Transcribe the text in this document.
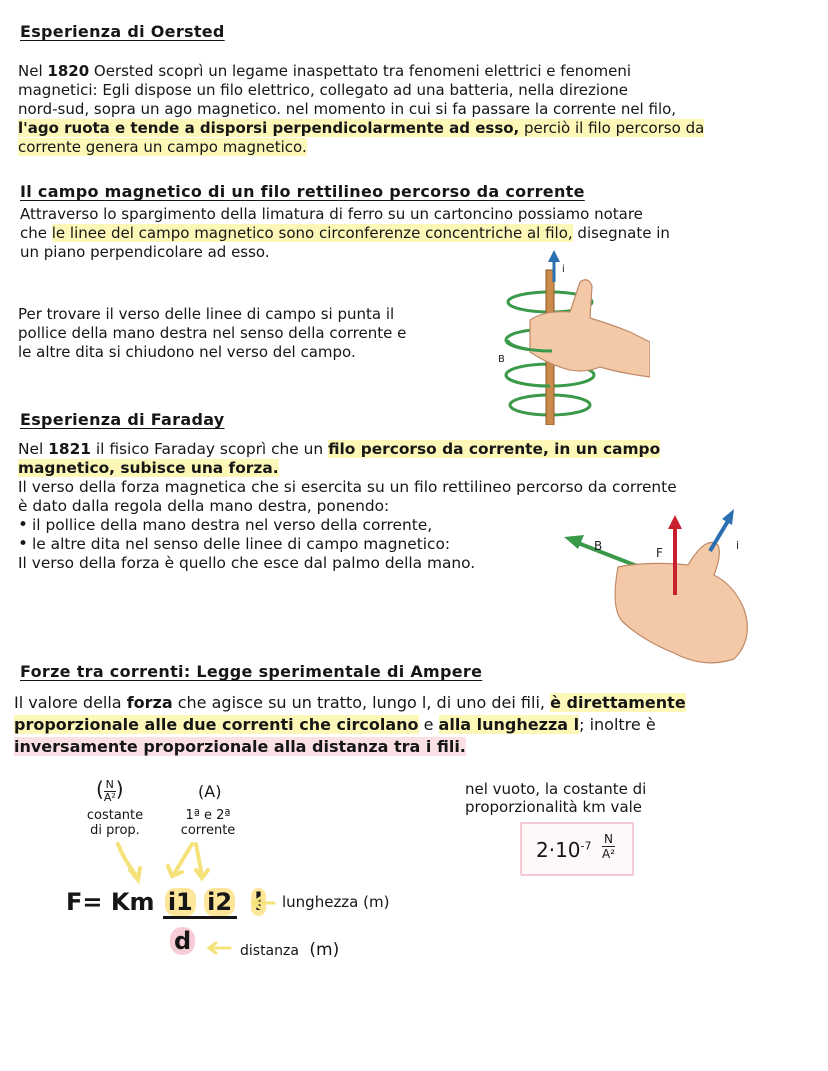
Esperienza di Oersted
Nel 1820 Oersted scoprì un legame inaspettato tra fenomeni elettrici e fenomeni
magnetici: Egli dispose un filo elettrico, collegato ad una batteria, nella direzione
nord-sud, sopra un ago magnetico. nel momento in cui si fa passare la corrente nel filo,
l'ago ruota e tende a disporsi perpendicolarmente ad esso, perciò il filo percorso da
corrente genera un campo magnetico.
Il campo magnetico di un filo rettilineo percorso da corrente
Attraverso lo spargimento della limatura di ferro su un cartoncino possiamo notare
che le linee del campo magnetico sono circonferenze concentriche al filo, disegnate in
un piano perpendicolare ad esso.
Per trovare il verso delle linee di campo si punta il
pollice della mano destra nel senso della corrente e
le altre dita si chiudono nel verso del campo.
i
B
Esperienza di Faraday
Nel 1821 il fisico Faraday scoprì che un filo percorso da corrente, in un campo
magnetico, subisce una forza.
Il verso della forza magnetica che si esercita su un filo rettilineo percorso da corrente
è dato dalla regola della mano destra, ponendo:
• il pollice della mano destra nel verso della corrente,
• le altre dita nel senso delle linee di campo magnetico:
Il verso della forza è quello che esce dal palmo della mano.
B	F
i
Forze tra correnti: Legge sperimentale di Ampere
Il valore della forza che agisce su un tratto, lungo l, di uno dei fili, è direttamente
proporzionale alle due correnti che circolano e alla lunghezza l; inoltre è
inversamente proporzionale alla distanza tra i fili.
( $\frac{N}{\text{A²}}$ )	(A)
costante
di prop.
1ª e 2ª
corrente
F= Km i1 i2 l
d
lunghezza (m)
distanza (m)
nel vuoto, la costante di
proporzionalità km vale
$2\cdot 10^{-7} \frac{N}{\text{A²}}$
